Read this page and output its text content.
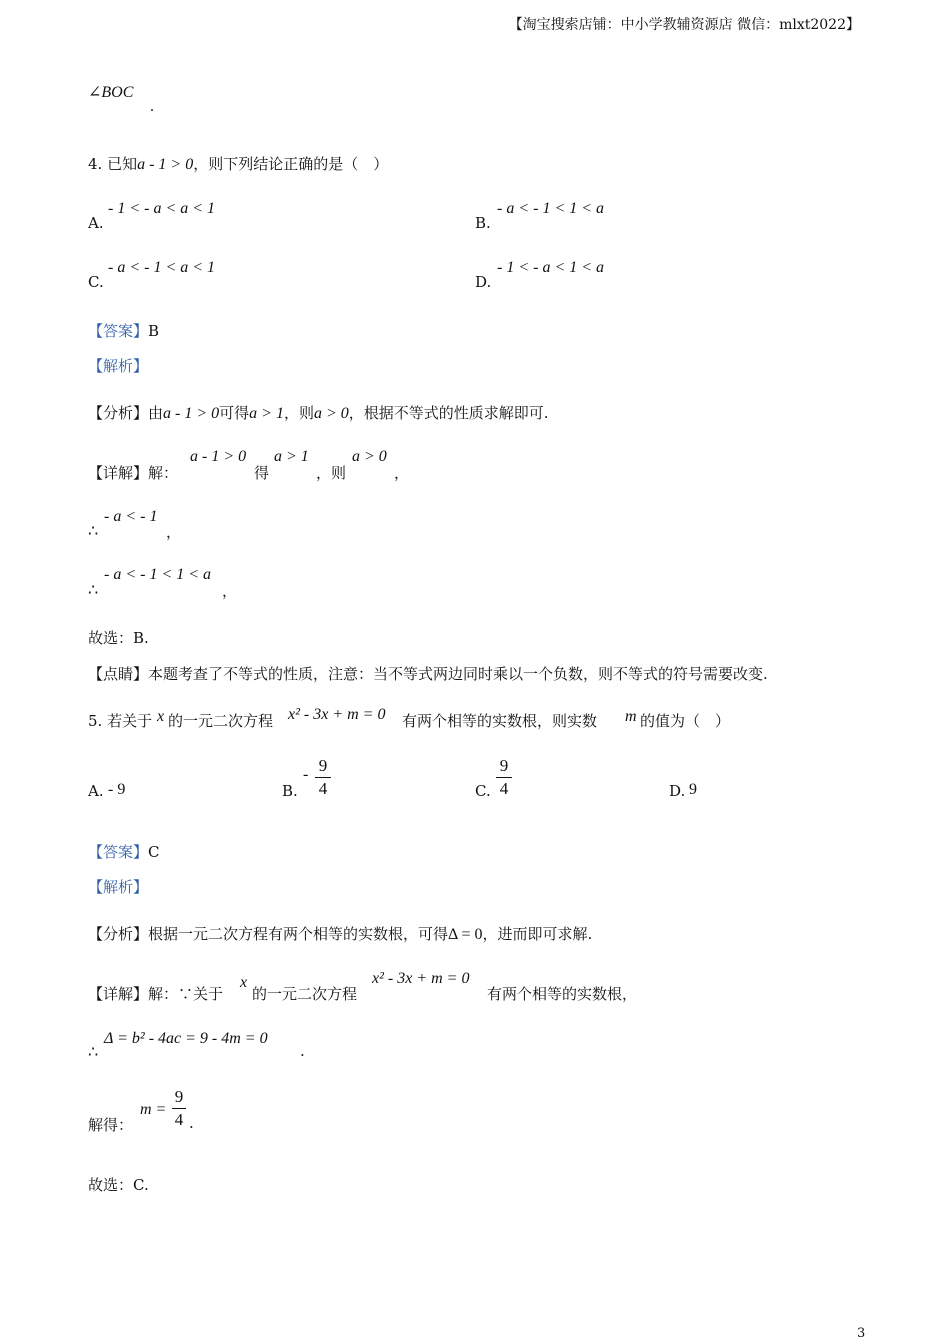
【淘宝搜索店铺：中小学教辅资源店 微信：mlxt2022】
∠BOC
.
4. 已知a - 1 > 0，则下列结论正确的是（　）
A.
- 1 < - a < a < 1
B.
- a < - 1 < 1 < a
C.
- a < - 1 < a < 1
D.
- 1 < - a < 1 < a
【答案】B
【解析】
【分析】由a - 1 > 0可得a > 1，则a > 0，根据不等式的性质求解即可.
【详解】 解：
a - 1 > 0
得
a > 1
，则
a > 0
，
∴
- a < - 1
，
∴
- a < - 1 < 1 < a
，
故选：B.
【点睛】本题考查了不等式的性质，注意：当不等式两边同时乘以一个负数，则不等式的符号需要改变.
5. 若关于 x 的一元二次方程 x² - 3x + m = 0 有两个相等的实数根，则实数 m 的值为（　）
A. - 9	B.
- 9
4	C.
9
4	D. 9
【答案】C
【解析】
【分析】根据一元二次方程有两个相等的实数根，可得Δ = 0，进而即可求解.
【详解】 解：∵关于
x
的一元二次方程
x² - 3x + m = 0
有两个相等的实数根，
∴
Δ = b² - 4ac = 9 - 4m = 0
.
解得：
m =
9
4 .
故选：C.
3
